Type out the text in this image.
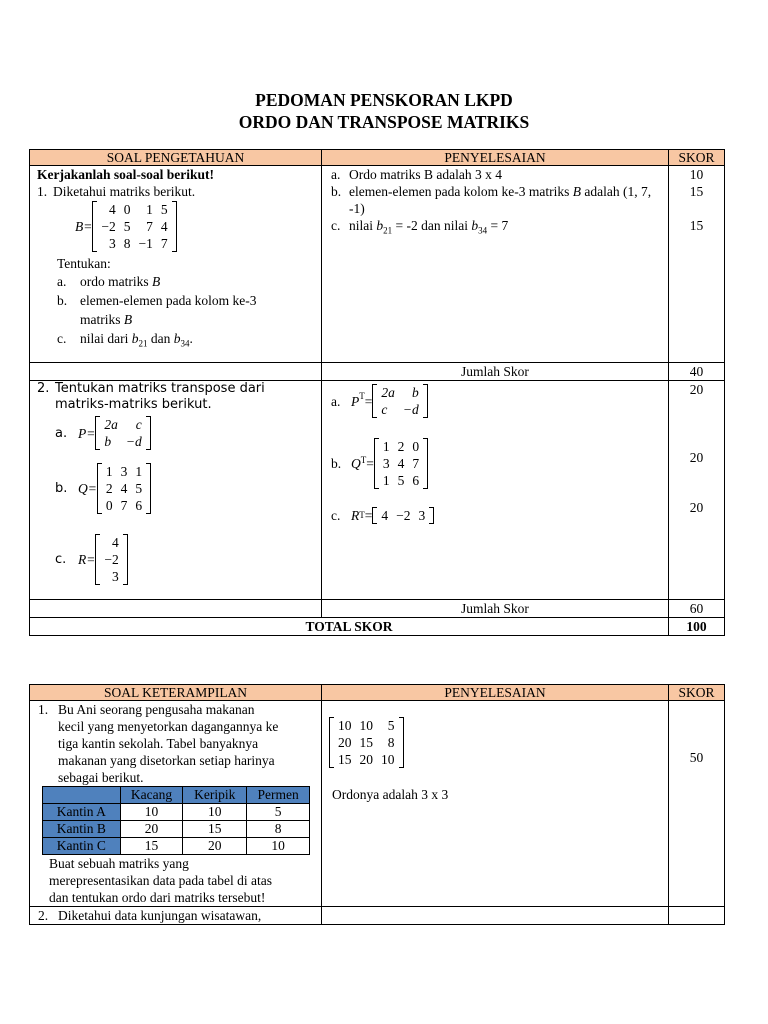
PEDOMAN PENSKORAN LKPD
ORDO DAN TRANSPOSE MATRIKS
SOAL PENGETAHUAN	PENYELESAIAN	SKOR

Kerjakanlah soal-soal berikut!
1. Diketahui matriks berikut.
B=
4	0	1	5
−2	5	7	4
3	8	−1	7
Tentukan:
a.	ordo matriks B
b. elemen-elemen pada kolom ke-3 matriks B
c.	nilai dari $b_{21}$ dan $b_{34}$.

a. Ordo matriks B adalah 3 x 4
b. elemen-elemen pada kolom ke-3 matriks B adalah (1, 7, -1)
c. nilai $b_{21} = -2$ dan nilai $b_{34} = 7$

10
15
15

	Jumlah Skor	40

2. Tentukan matriks transpose dari
matriks-matriks berikut.
a. P=
2a	c
b	−d
b. Q=
1	3	1
2	4	5
0	7	6
c. R=
4
−2
3

a. $P^T$ =
2a	b
c	−d
b. $Q^T$ =
1	2	0
3	4	7
1	5	6
c. R T = 4	−2	3

20
20
20

	Jumlah Skor	60
TOTAL SKOR	100
SOAL KETERAMPILAN	PENYELESAIAN	SKOR

1. Bu Ani seorang pengusaha makanan
kecil yang menyetorkan dagangannya ke
tiga kantin sekolah. Tabel banyaknya
makanan yang disetorkan setiap harinya
sebagai berikut.
	Kacang	Keripik	Permen
Kantin A	10	10	5
Kantin B	20	15	8
Kantin C	15	20	10
Buat sebuah matriks yang
merepresentasikan data pada tabel di atas
dan tentukan ordo dari matriks tersebut!

10	10	5
20	15	8
15	20	10
Ordonya adalah 3 x 3

50

2. Diketahui data kunjungan wisatawan,
